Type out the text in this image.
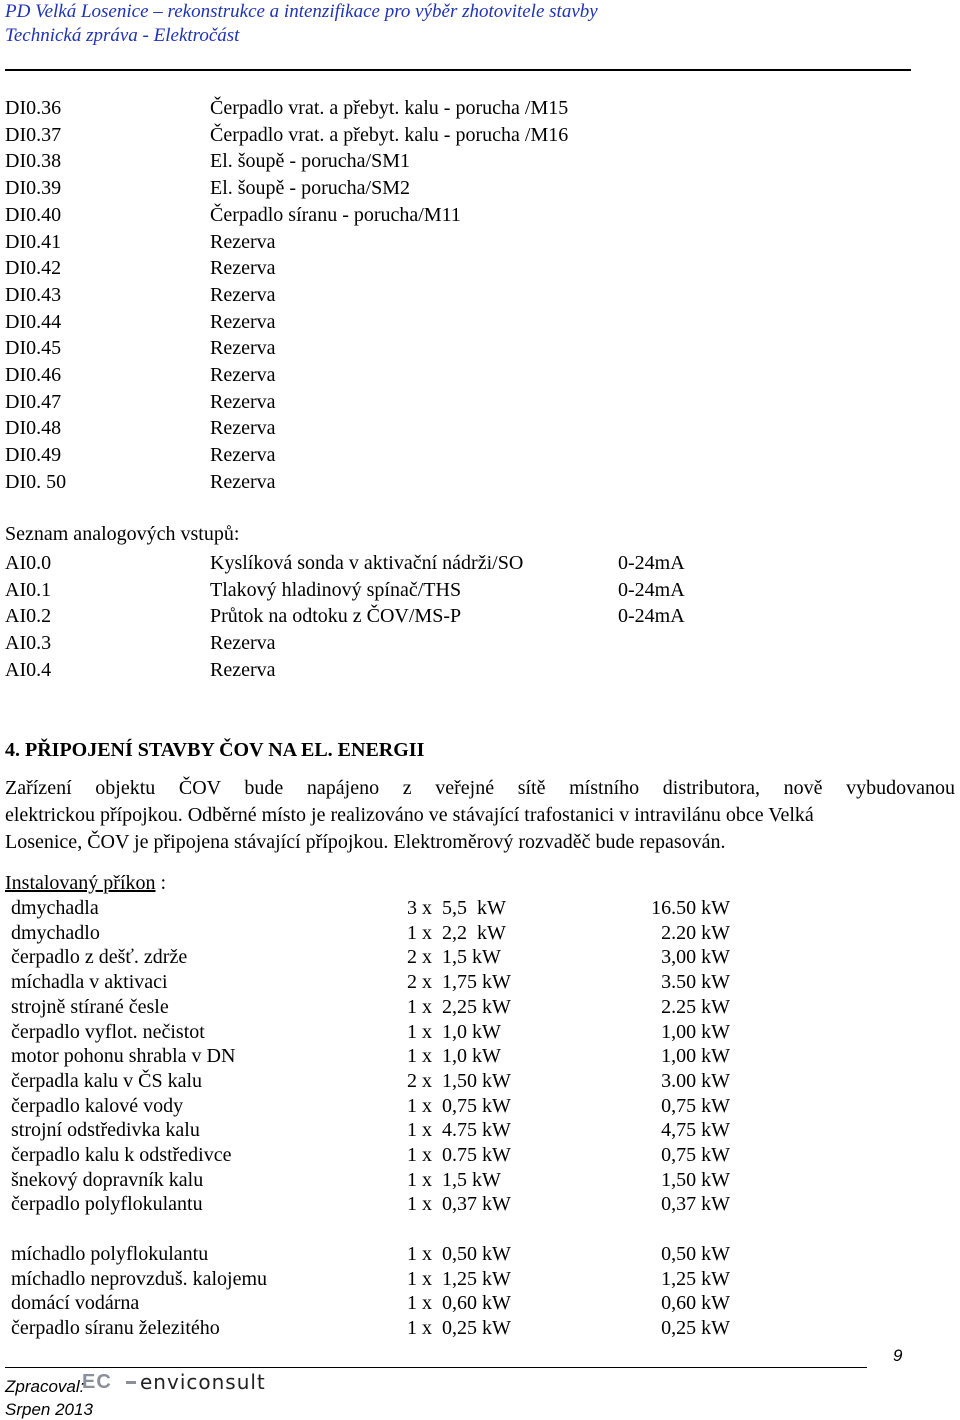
PD Velká Losenice – rekonstrukce a intenzifikace pro výběr zhotovitele stavby
Technická zpráva - Elektročást
DI0.36	Čerpadlo vrat. a přebyt. kalu - porucha /M15
DI0.37	Čerpadlo vrat. a přebyt. kalu - porucha /M16
DI0.38	El. šoupě - porucha/SM1
DI0.39	El. šoupě - porucha/SM2
DI0.40	Čerpadlo síranu - porucha/M11
DI0.41	Rezerva
DI0.42	Rezerva
DI0.43	Rezerva
DI0.44	Rezerva
DI0.45	Rezerva
DI0.46	Rezerva
DI0.47	Rezerva
DI0.48	Rezerva
DI0.49	Rezerva
DI0. 50	Rezerva
Seznam analogových vstupů:
AI0.0	Kyslíková sonda v aktivační nádrži/SO	0-24mA
AI0.1	Tlakový hladinový spínač/THS	0-24mA
AI0.2	Průtok na odtoku z ČOV/MS-P	0-24mA
AI0.3	Rezerva
AI0.4	Rezerva
4. PŘIPOJENÍ STAVBY ČOV NA EL. ENERGII
Zařízení objektu ČOV bude napájeno z veřejné sítě místního distributora, nově vybudovanou
elektrickou přípojkou. Odběrné místo je realizováno ve stávající trafostanici v intravilánu obce Velká
Losenice, ČOV je připojena stávající přípojkou. Elektroměrový rozvaděč bude repasován.
Instalovaný příkon :
dmychadla	3 x  5,5  kW	16.50 kW
dmychadlo	1 x  2,2  kW	2.20 kW
čerpadlo z dešť. zdrže	2 x  1,5 kW	3,00 kW
míchadla v aktivaci	2 x  1,75 kW	3.50 kW
strojně stírané česle	1 x  2,25 kW	2.25 kW
čerpadlo vyflot. nečistot	1 x  1,0 kW	1,00 kW
motor pohonu shrabla v DN	1 x  1,0 kW	1,00 kW
čerpadla kalu v ČS kalu	2 x  1,50 kW	3.00 kW
čerpadlo kalové vody	1 x  0,75 kW	0,75 kW
strojní odstředivka kalu	1 x  4.75 kW	4,75 kW
čerpadlo kalu k odstředivce	1 x  0.75 kW	0,75 kW
šnekový dopravník kalu	1 x  1,5 kW	1,50 kW
čerpadlo polyflokulantu	1 x  0,37 kW	0,37 kW
míchadlo polyflokulantu	1 x  0,50 kW	0,50 kW
míchadlo neprovzduš. kalojemu	1 x  1,25 kW	1,25 kW
domácí vodárna	1 x  0,60 kW	0,60 kW
čerpadlo síranu železitého	1 x  0,25 kW	0,25 kW
9
Zpracoval:
EC enviconsult
Srpen 2013
